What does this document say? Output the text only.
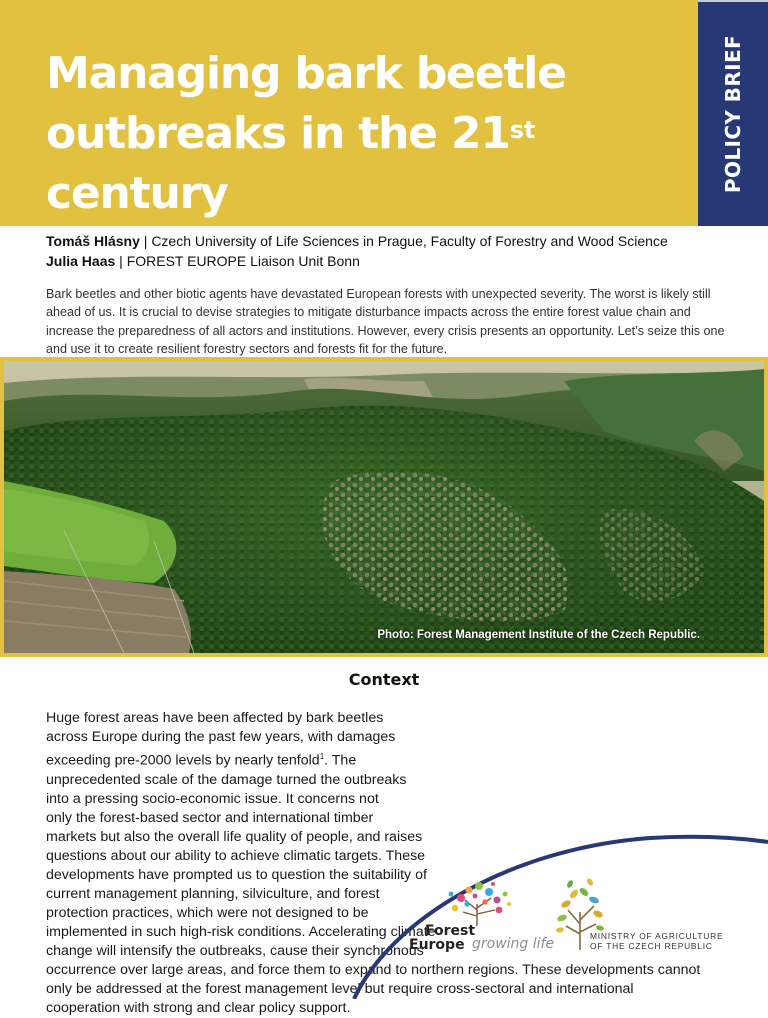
Managing bark beetle outbreaks in the 21st
century
POLICY BRIEF
Tomáš Hlásny | Czech University of Life Sciences in Prague, Faculty of Forestry and Wood Science
Julia Haas | FOREST EUROPE Liaison Unit Bonn

Bark beetles and other biotic agents have devastated European forests with unexpected severity. The worst is likely still ahead of us. It is crucial to devise strategies to mitigate disturbance impacts across the entire forest value chain and increase the preparedness of all actors and institutions. However, every crisis presents an opportunity. Let’s seize this one and use it to create resilient forestry sectors and forests fit for the future.

Photo: Forest Management Institute of the Czech Republic.
Context

Huge forest areas have been affected by bark beetles across Europe during the past few years, with damages exceeding pre-2000 levels by nearly tenfold$^1$. The unprecedented scale of the damage turned the outbreaks into a pressing socio-economic issue. It concerns not only the forest-based sector and international timber markets but also the overall life quality of people, and raises questions about our ability to achieve climatic targets. These developments have prompted us to question the suitability of current management planning, silviculture, and forest protection practices, which were not designed to be implemented in such high-risk conditions. Accelerating climate change will intensify the outbreaks, cause their synchronous occurrence over large areas, and force them to expand to northern regions. These developments cannot only be addressed at the forest management level but require cross-sectoral and international cooperation with strong and clear policy support.

Forest
Europe growing life	MINISTRY OF AGRICULTURE
OF THE CZECH REPUBLIC
